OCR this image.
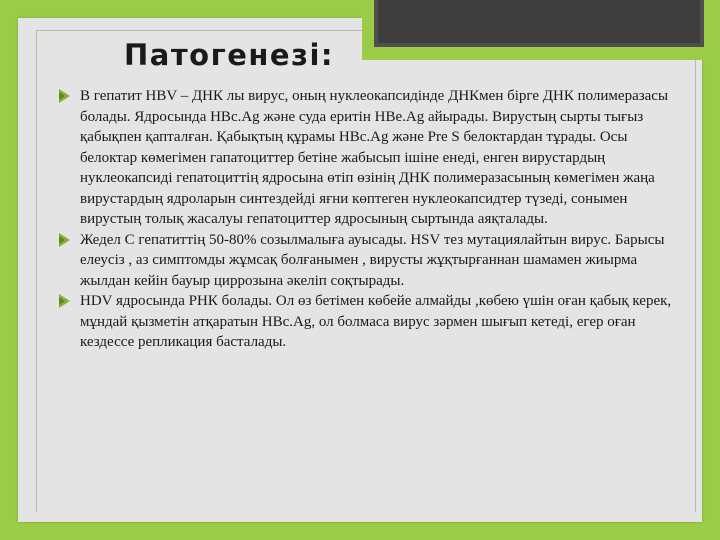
Патогенезі:
В гепатит HBV – ДНК лы вирус, оның нуклеокапсидінде ДНКмен бірге ДНК полимеразасы болады. Ядросында HBc.Ag және суда еритін HBe.Ag айырады. Вирустың сырты тығыз қабықпен қапталған. Қабықтың құрамы HBc.Ag және Pre S белоктардан тұрады. Осы белоктар көмегімен гапатоциттер бетіне жабысып ішіне енеді, енген вирустардың нуклеокапсиді гепатоциттің ядросына өтіп өзінің ДНК полимеразасының көмегімен жаңа вирустардың ядроларын синтездейді яғни көптеген нуклеокапсидтер түзеді, сонымен вирустың толық жасалуы гепатоциттер ядросының сыртында аяқталады.
Жедел С гепатиттің 50-80% созылмалыға ауысады. HSV тез мутациялайтын вирус. Барысы елеусіз , аз симптомды жұмсақ болғанымен , вирусты жұқтырғаннан шамамен жиырма жылдан кейін бауыр циррозына әкеліп соқтырады.
HDV ядросында РНК болады. Ол өз бетімен көбейе алмайды ,көбею үшін оған қабық керек, мұндай қызметін атқаратын HBc.Ag, ол болмаса вирус зәрмен шығып кетеді, егер оған кездессе репликация басталады.
